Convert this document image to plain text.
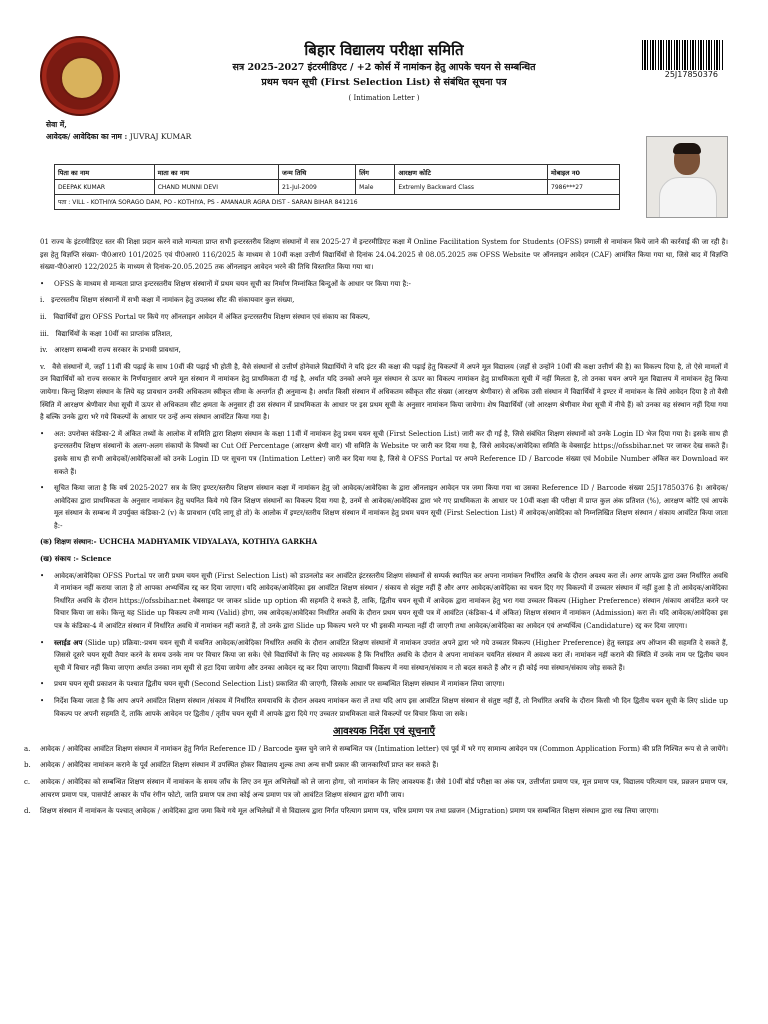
बिहार विद्यालय परीक्षा समिति
सत्र 2025-2027 इंटरमीडिएट / +2 कोर्स में नामांकन हेतु आपके चयन से सम्बन्धित
प्रथम चयन सूची (First Selection List) से संबंधित सूचना पत्र
( Intimation Letter )
25J17850376
सेवा में,
आवेदक/ आवेदिका का नाम : JUVRAJ KUMAR
पिता का नाम	माता का नाम	जन्म तिथि	लिंग	आरक्षण कोटि	मोबाइल न0
DEEPAK KUMAR	CHAND MUNNI DEVI	21-Jul-2009	Male	Extremly Backward Class	7986***27
पता : VILL - KOTHIYA SORAGO DAM, PO - KOTHIYA, PS - AMANAUR AGRA DIST - SARAN BIHAR 841216					

01 राज्य के इंटरमीडिएट स्तर की शिक्षा प्रदान करने वाले मान्यता प्राप्त सभी इन्टरस्तरीय शिक्षण संस्थानों में सत्र 2025-27 में इन्टरमीडिएट कक्षा में Online Facilitation System for Students (OFSS) प्रणाली से नामांकन किये जाने की कार्रवाई की जा रही है। इस हेतु विज्ञप्ति संख्या- पी0आर0 101/2025 एवं पी0आर0 116/2025 के माध्यम से 10वीं कक्षा उत्तीर्ण विद्यार्थियों से दिनांक 24.04.2025 से 08.05.2025 तक OFSS Website पर ऑनलाइन आवेदन (CAF) आमंत्रित किया गया था, जिसे बाद में विज्ञप्ति संख्या-पी0आर0 122/2025 के माध्यम से दिनांक-20.05.2025 तक ऑनलाइन आवेदन भरने की तिथि विस्तारित किया गया था।

• OFSS के माध्यम से मान्यता प्राप्त इन्टरस्तरीय शिक्षण संस्थानों में प्रथम चयन सूची का निर्माण निम्नांकित बिन्दुओं के आधार पर किया गया है:-

i.   इन्टरस्तरीय शिक्षण संस्थानों में सभी कक्षा में नामांकन हेतु उपलब्ध सीट की संकायवार कुल संख्या,

ii.   विद्यार्थियों द्वारा OFSS Portal पर किये गए ऑनलाइन आवेदन में अंकित इन्टरस्तरीय शिक्षण संस्थान एवं संकाय का विकल्प,

iii.   विद्यार्थियों के कक्षा 10वीं का प्राप्तांक प्रतिशत,

iv.   आरक्षण सम्बन्धी राज्य सरकार के प्रभावी प्रावधान,

v.   वैसे संस्थानों में, जहाँ 11वीं की पढ़ाई के साथ 10वीं की पढ़ाई भी होती है, वैसे संस्थानों से उत्तीर्ण होनेवाले विद्यार्थियों ने यदि इंटर की कक्षा की पढ़ाई हेतु विकल्पों में अपने मूल विद्यालय (जहाँ से उन्होंने 10वीं की कक्षा उत्तीर्ण की है) का विकल्प दिया है, तो ऐसे मामलों में उन विद्यार्थियों को राज्य सरकार के निर्णयानुसार अपने मूल संस्थान में नामांकन हेतु प्राथमिकता दी गई है, अर्थात यदि उनको अपने मूल संस्थान से ऊपर का विकल्प नामांकन हेतु प्राथमिकता सूची में नहीं मिलता है, तो उनका चयन अपने मूल विद्यालय में नामांकन हेतु किया जायेगा। किन्तु शिक्षण संस्थान के लिये यह प्रावधान उनकी अधिकतम स्वीकृत सीमा के अन्तर्गत ही अनुमान्य है। अर्थात किसी संस्थान में अधिकतम स्वीकृत सीट संख्या (आरक्षण श्रेणीवार) से अधिक उसी संस्थान में विद्यार्थियों ने इण्टर में नामांकन के लिये आवेदन दिया है तो वैसी स्थिति में आरक्षण श्रेणीवार मेधा सूची में ऊपर से अधिकतम सीट क्षमता के अनुसार ही उस संस्थान में प्राथमिकता के आधार पर इस प्रथम सूची के अनुसार नामांकन किया जायेगा। शेष विद्यार्थियों (जो आरक्षण श्रेणीवार मेधा सूची में नीचे हैं) को उनका वह संस्थान नहीं दिया गया है बल्कि उनके द्वारा भरे गये विकल्पों के आधार पर उन्हें अन्य संस्थान आवंटित किया गया है।

• अत: उपरोक्त कंडिका-2 में अंकित तथ्यों के आलोक में समिति द्वारा शिक्षण संस्थान के कक्षा 11वीं में नामांकन हेतु प्रथम चयन सूची (First Selection List) जारी कर दी गई है, जिसे संबंधित शिक्षण संस्थानों को उनके Login ID भेज दिया गया है। इसके साथ ही इन्टरस्तरीय शिक्षण संस्थानों के अलग-अलग संकायों के विषयों का Cut Off Percentage (आरक्षण श्रेणी वार) भी समिति के Website पर जारी कर दिया गया है, जिसे आवेदक/आवेदिका समिति के वेबसाईट https://ofssbihar.net पर जाकर देख सकते हैं। इसके साथ ही सभी आवेदकों/आवेदिकाओं को उनके Login ID पर सूचना पत्र (Intimation Letter) जारी कर दिया गया है, जिसे वे OFSS Portal पर अपने Reference ID / Barcode संख्या एवं Mobile Number अंकित कर Download कर सकते हैं।

• सूचित किया जाता है कि वर्ष 2025-2027 सत्र के लिए इण्टर/स्तरीय शिक्षण संस्थान कक्षा में नामांकन हेतु जो आवेदक/आवेदिका के द्वारा ऑनलाइन आवेदन पत्र जमा किया गया था उसका Reference ID / Barcode संख्या 25J17850376 है। आवेदक/आवेदिका द्वारा प्राथमिकता के अनुसार नामांकन हेतु चयनित किये गये जिन शिक्षण संस्थानों का विकल्प दिया गया है, उनमें से आवेदक/आवेदिका द्वारा भरे गए प्राथमिकता के आधार पर 10वीं कक्षा की परीक्षा में प्राप्त कुल अंक प्रतिशत (%), आरक्षण कोटि एवं आपके मूल संस्थान के सम्बन्ध में उपर्युक्त कंडिका-2 (v) के प्रावधान (यदि लागू हो तो) के आलोक में इण्टर/स्तरीय शिक्षण संस्थान में नामांकन हेतु प्रथम चयन सूची (First Selection List) में आवेदक/आवेदिका को निम्नलिखित शिक्षण संस्थान / संकाय आवंटित किया जाता है:-

(क) शिक्षण संस्थान:- UCHCHA MADHYAMIK VIDYALAYA, KOTHIYA GARKHA

(ख) संकाय :- Science

• आवेदक/आवेदिका OFSS Portal पर जारी प्रथम चयन सूची (First Selection List) को डाउनलोड कर आवंटित इंटरस्तरीय शिक्षण संस्थानों से सम्पर्क स्थापित कर अपना नामांकन निर्धारित अवधि के दौरान अवश्य करा लें। अगर आपके द्वारा उक्त निर्धारित अवधि में नामांकन नहीं कराया जाता है तो आपका अभ्यर्थित्व रद्द कर दिया जाएगा। यदि आवेदक/आवेदिका इस आवंटित शिक्षण संस्थान / संकाय से संतुष्ट नहीं हैं और अगर आवेदक/आवेदिका का चयन दिए गए विकल्पों में उच्चतर संस्थान में नहीं हुआ है तो आवेदक/आवेदिका निर्धारित अवधि के दौरान https://ofssbihar.net वेबसाइट पर जाकर slide up option की सहमति दे सकते हैं, ताकि, द्वितीय चयन सूची में आवेदक द्वारा नामांकन हेतु भरा गया उच्चतर विकल्प (Higher Preference) संस्थान /संकाय आवंटित करने पर विचार किया जा सके। किन्तु यह Slide up विकल्प तभी मान्य (Valid) होगा, जब आवेदक/आवेदिका निर्धारित अवधि के दौरान प्रथम चयन सूची पत्र में आवंटित (कंडिका-4 में अंकित) शिक्षण संस्थान में नामांकन (Admission) करा लें। यदि आवेदक/आवेदिका इस पत्र के कंडिका-4 में आवंटित संस्थान में निर्धारित अवधि में नामांकन नहीं कराते हैं, तो उनके द्वारा Slide up विकल्प भरने पर भी इसकी मान्यता नहीं दी जाएगी तथा आवेदक/आवेदिका का आवेदन एवं अभ्यर्थित्व (Candidature) रद्द कर दिया जाएगा।

• स्लाईड अप (Slide up) प्रक्रिया:-प्रथम चयन सूची में चयनित आवेदक/आवेदिका निर्धारित अवधि के दौरान आवंटित शिक्षण संस्थानों में नामांकन उपरांत अपने द्वारा भरे गये उच्चतर विकल्प (Higher Preference) हेतु स्लाइड अप ऑप्शन की सहमति दे सकते हैं, जिससे दूसरे चयन सूची तैयार करने के समय उनके नाम पर विचार किया जा सके। ऐसे विद्यार्थियों के लिए यह आवश्यक है कि निर्धारित अवधि के दौरान वे अपना नामांकन चयनित संस्थान में अवश्य करा लें। नामांकन नहीं कराने की स्थिति में उनके नाम पर द्वितीय चयन सूची में विचार नहीं किया जाएगा अर्थात उनका नाम सूची से हटा दिया जायेगा और उनका आवेदन रद्द कर दिया जाएगा। विद्यार्थी विकल्प में नया संस्थान/संकाय न तो बदल सकते हैं और न ही कोई नया संस्थान/संकाय जोड़ सकते हैं।

• प्रथम चयन सूची प्रकाशन के पश्चात द्वितीय चयन सूची (Second Selection List) प्रकाशित की जाएगी, जिसके आधार पर सम्बन्धित शिक्षण संस्थान में नामांकन लिया जाएगा।

• निर्देश किया जाता है कि आप अपने आवंटित शिक्षण संस्थान /संकाय में निर्धारित समयावधि के दौरान अवश्य नामांकन करा लें तथा यदि आप इस आवंटित शिक्षण संस्थान से संतुष्ट नहीं हैं, तो निर्धारित अवधि के दौरान किसी भी दिन द्वितीय चयन सूची के लिए slide up विकल्प पर अपनी सहमति दें, ताकि आपके आवेदन पर द्वितीय / तृतीय चयन सूची में आपके द्वारा दिये गए उच्चतर प्राथमिकता वाले विकल्पों पर विचार किया जा सके।

आवश्यक निर्देश एवं सूचनाएँ

a. आवेदक / आवेदिका आवंटित शिक्षण संस्थान में नामांकन हेतु निर्गत Reference ID / Barcode युक्त चुने जाने से सम्बन्धित पत्र (Intimation letter) एवं पूर्व में भरे गए सामान्य आवेदन पत्र (Common Application Form) की प्रति निश्चित रूप से ले जायेंगे।

b. आवेदक / आवेदिका नामांकन कराने के पूर्व आवंटित शिक्षण संस्थान में उपस्थित होकर विद्यालय शुल्क तथा अन्य सभी प्रकार की जानकारियाँ प्राप्त कर सकते हैं।

c. आवेदक / आवेदिका को सम्बन्धित शिक्षण संस्थान में नामांकन के समय जाँच के लिए उन मूल अभिलेखों को ले जाना होगा, जो नामांकन के लिए आवश्यक हैं। जैसे 10वीं बोर्ड परीक्षा का अंक पत्र, उत्तीर्णता प्रमाण पत्र, मूल प्रमाण पत्र, विद्यालय परित्याग पत्र, प्रव्रजन प्रमाण पत्र, आचरण प्रमाण पत्र, पासपोर्ट आकार के पाँच रंगीन फोटो, जाति प्रमाण पत्र तथा कोई अन्य प्रमाण पत्र जो आवंटित शिक्षण संस्थान द्वारा माँगी जाय।

d. शिक्षण संस्थान में नामांकन के पश्चात् आवेदक / आवेदिका द्वारा जमा किये गये मूल अभिलेखों में से विद्यालय द्वारा निर्गत परित्याग प्रमाण पत्र, चरित्र प्रमाण पत्र तथा प्रव्रजन (Migration) प्रमाण पत्र सम्बन्धित शिक्षण संस्थान द्वारा रख लिया जाएगा।
